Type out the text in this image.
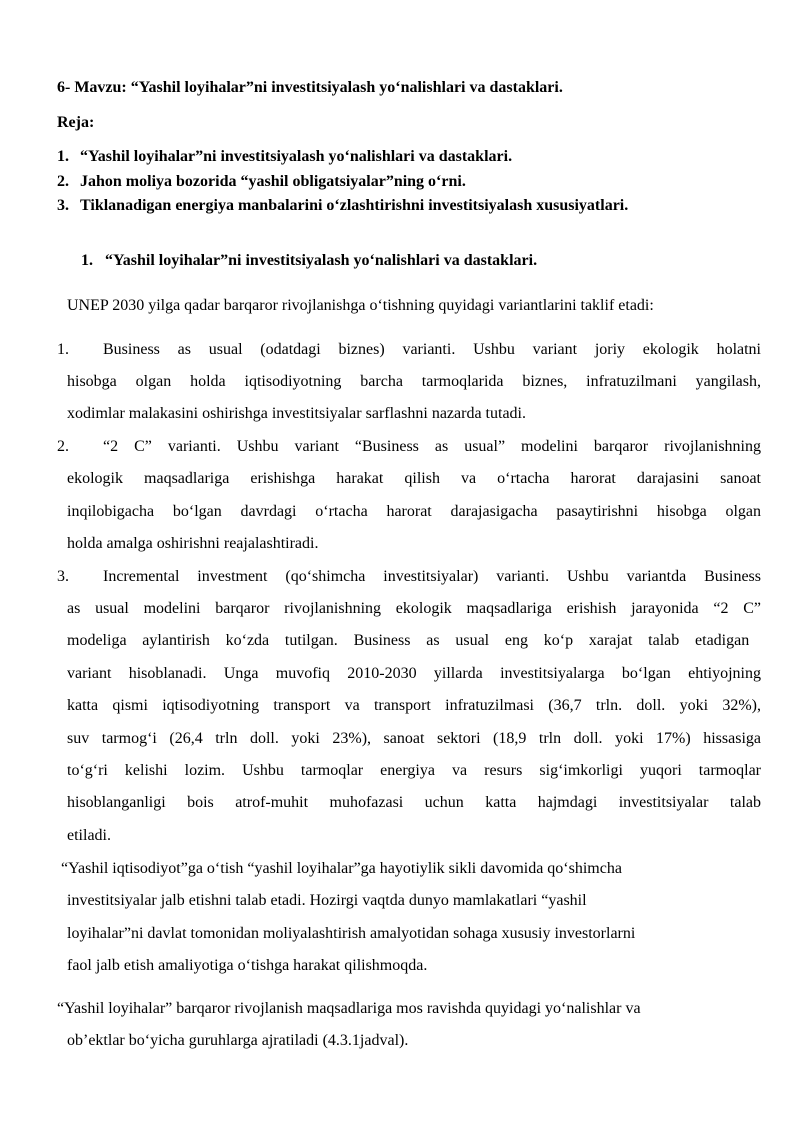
6- Mavzu: “Yashil loyihalar”ni investitsiyalash yo‘nalishlari va dastaklari.
Reja:
1. “Yashil loyihalar”ni investitsiyalash yo‘nalishlari va dastaklari.
2. Jahon moliya bozorida “yashil obligatsiyalar”ning o‘rni.
3. Tiklanadigan energiya manbalarini o‘zlashtirishni investitsiyalash xususiyatlari.
1. “Yashil loyihalar”ni investitsiyalash yo‘nalishlari va dastaklari.
UNEP 2030 yilga qadar barqaror rivojlanishga o‘tishning quyidagi variantlarini taklif etadi:
1. Business as usual (odatdagi biznes) varianti. Ushbu variant joriy ekologik holatni
hisobga olgan holda iqtisodiyotning barcha tarmoqlarida biznes, infratuzilmani yangilash,
xodimlar malakasini oshirishga investitsiyalar sarflashni nazarda tutadi.
2. “2 C” varianti. Ushbu variant “Business as usual” modelini barqaror rivojlanishning
ekologik maqsadlariga erishishga harakat qilish va o‘rtacha harorat darajasini sanoat
inqilobigacha bo‘lgan davrdagi o‘rtacha harorat darajasigacha pasaytirishni hisobga olgan
holda amalga oshirishni reajalashtiradi.
3. Incremental investment (qo‘shimcha investitsiyalar) varianti. Ushbu variantda Business
as usual modelini barqaror rivojlanishning ekologik maqsadlariga erishish jarayonida “2 C”
modeliga aylantirish ko‘zda tutilgan. Business as usual eng ko‘p xarajat talab etadigan
variant hisoblanadi. Unga muvofiq 2010-2030 yillarda investitsiyalarga bo‘lgan ehtiyojning
katta qismi iqtisodiyotning transport va transport infratuzilmasi (36,7 trln. doll. yoki 32%),
suv tarmog‘i (26,4 trln doll. yoki 23%), sanoat sektori (18,9 trln doll. yoki 17%) hissasiga
to‘g‘ri kelishi lozim. Ushbu tarmoqlar energiya va resurs sig‘imkorligi yuqori tarmoqlar
hisoblanganligi bois atrof-muhit muhofazasi uchun katta hajmdagi investitsiyalar talab
etiladi.
“Yashil iqtisodiyot”ga o‘tish “yashil loyihalar”ga hayotiylik sikli davomida qo‘shimcha
investitsiyalar jalb etishni talab etadi. Hozirgi vaqtda dunyo mamlakatlari “yashil
loyihalar”ni davlat tomonidan moliyalashtirish amalyotidan sohaga xususiy investorlarni
faol jalb etish amaliyotiga o‘tishga harakat qilishmoqda.
“Yashil loyihalar” barqaror rivojlanish maqsadlariga mos ravishda quyidagi yo‘nalishlar va
ob’ektlar bo‘yicha guruhlarga ajratiladi (4.3.1jadval).
